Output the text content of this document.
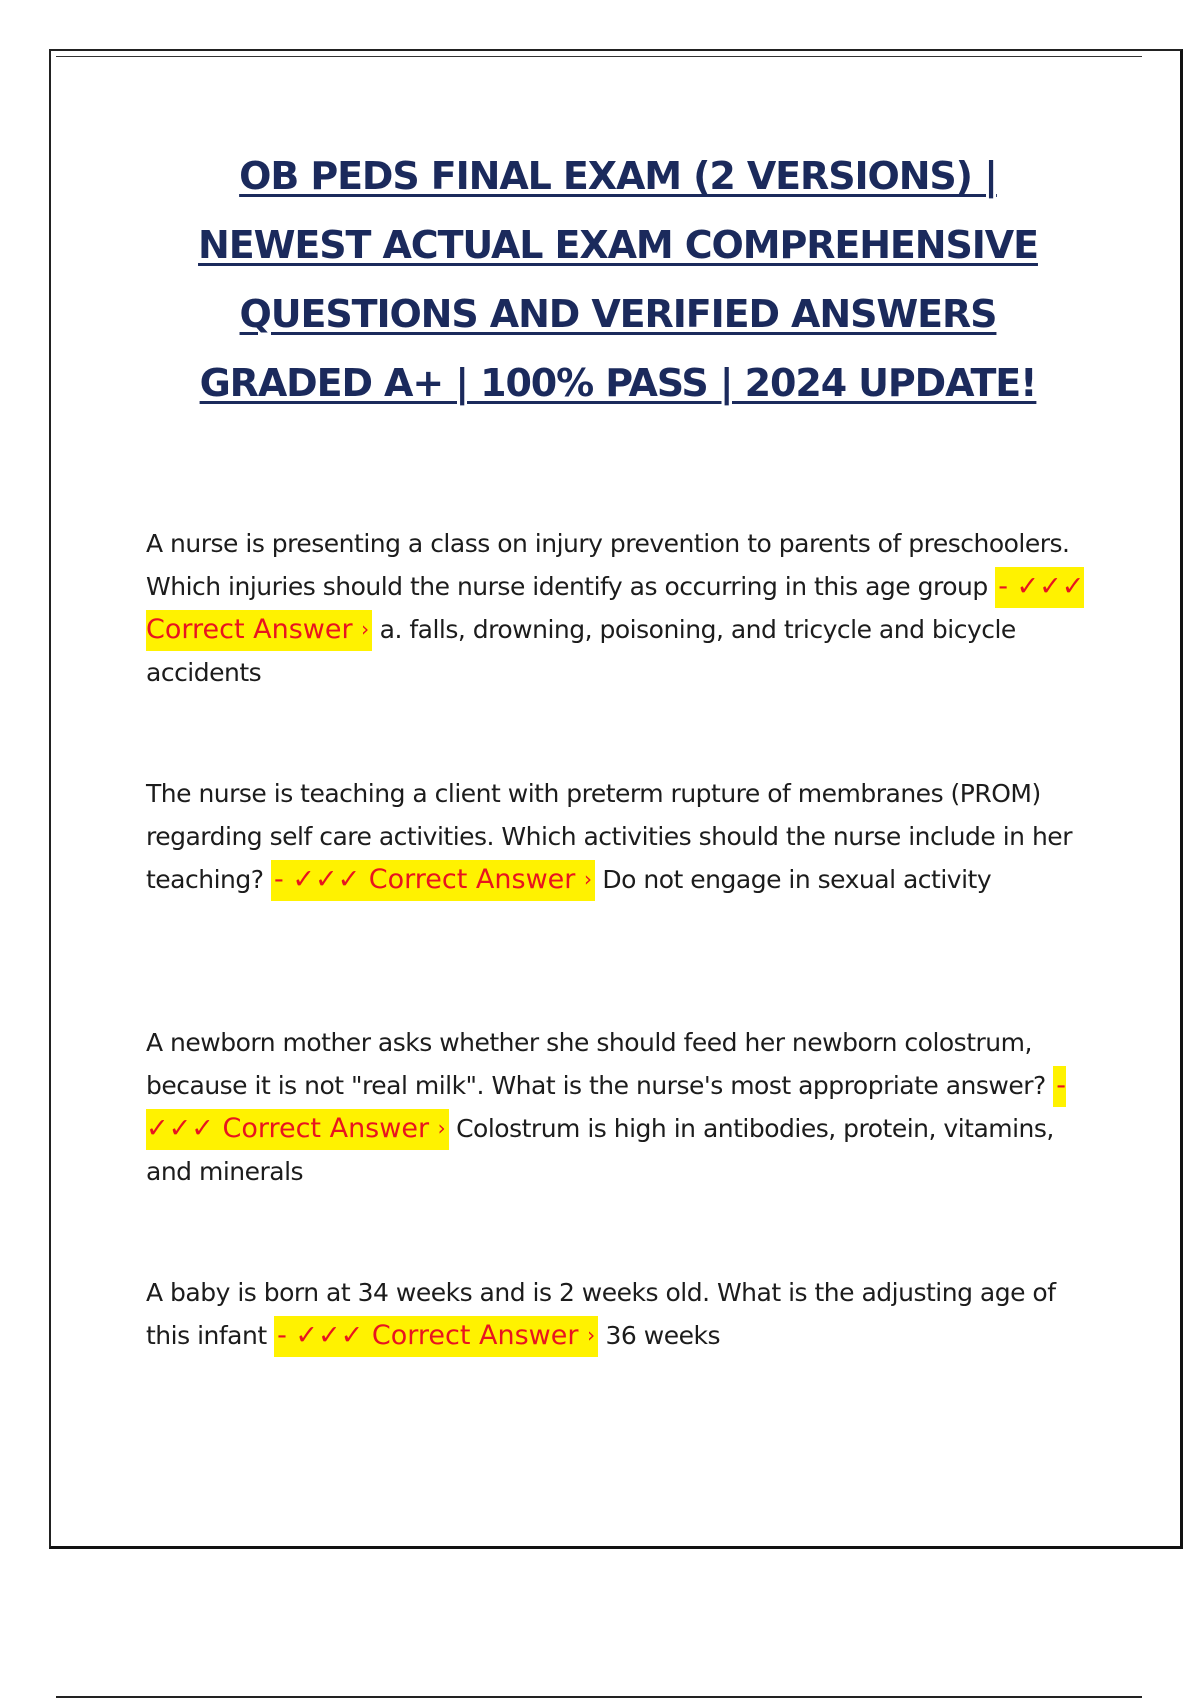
OB PEDS FINAL EXAM (2 VERSIONS) |

NEWEST ACTUAL EXAM COMPREHENSIVE

QUESTIONS AND VERIFIED ANSWERS

GRADED A+ | 100% PASS | 2024 UPDATE!

A nurse is presenting a class on injury prevention to parents of preschoolers. Which injuries should the nurse identify as occurring in this age group - ✓✓✓ Correct Answer › a. falls, drowning, poisoning, and tricycle and bicycle accidents
The nurse is teaching a client with preterm rupture of membranes (PROM) regarding self care activities. Which activities should the nurse include in her teaching? - ✓✓✓ Correct Answer › Do not engage in sexual activity
A newborn mother asks whether she should feed her newborn colostrum, because it is not "real milk". What is the nurse's most appropriate answer? - ✓✓✓ Correct Answer › Colostrum is high in antibodies, protein, vitamins, and minerals
A baby is born at 34 weeks and is 2 weeks old. What is the adjusting age of this infant - ✓✓✓ Correct Answer › 36 weeks
